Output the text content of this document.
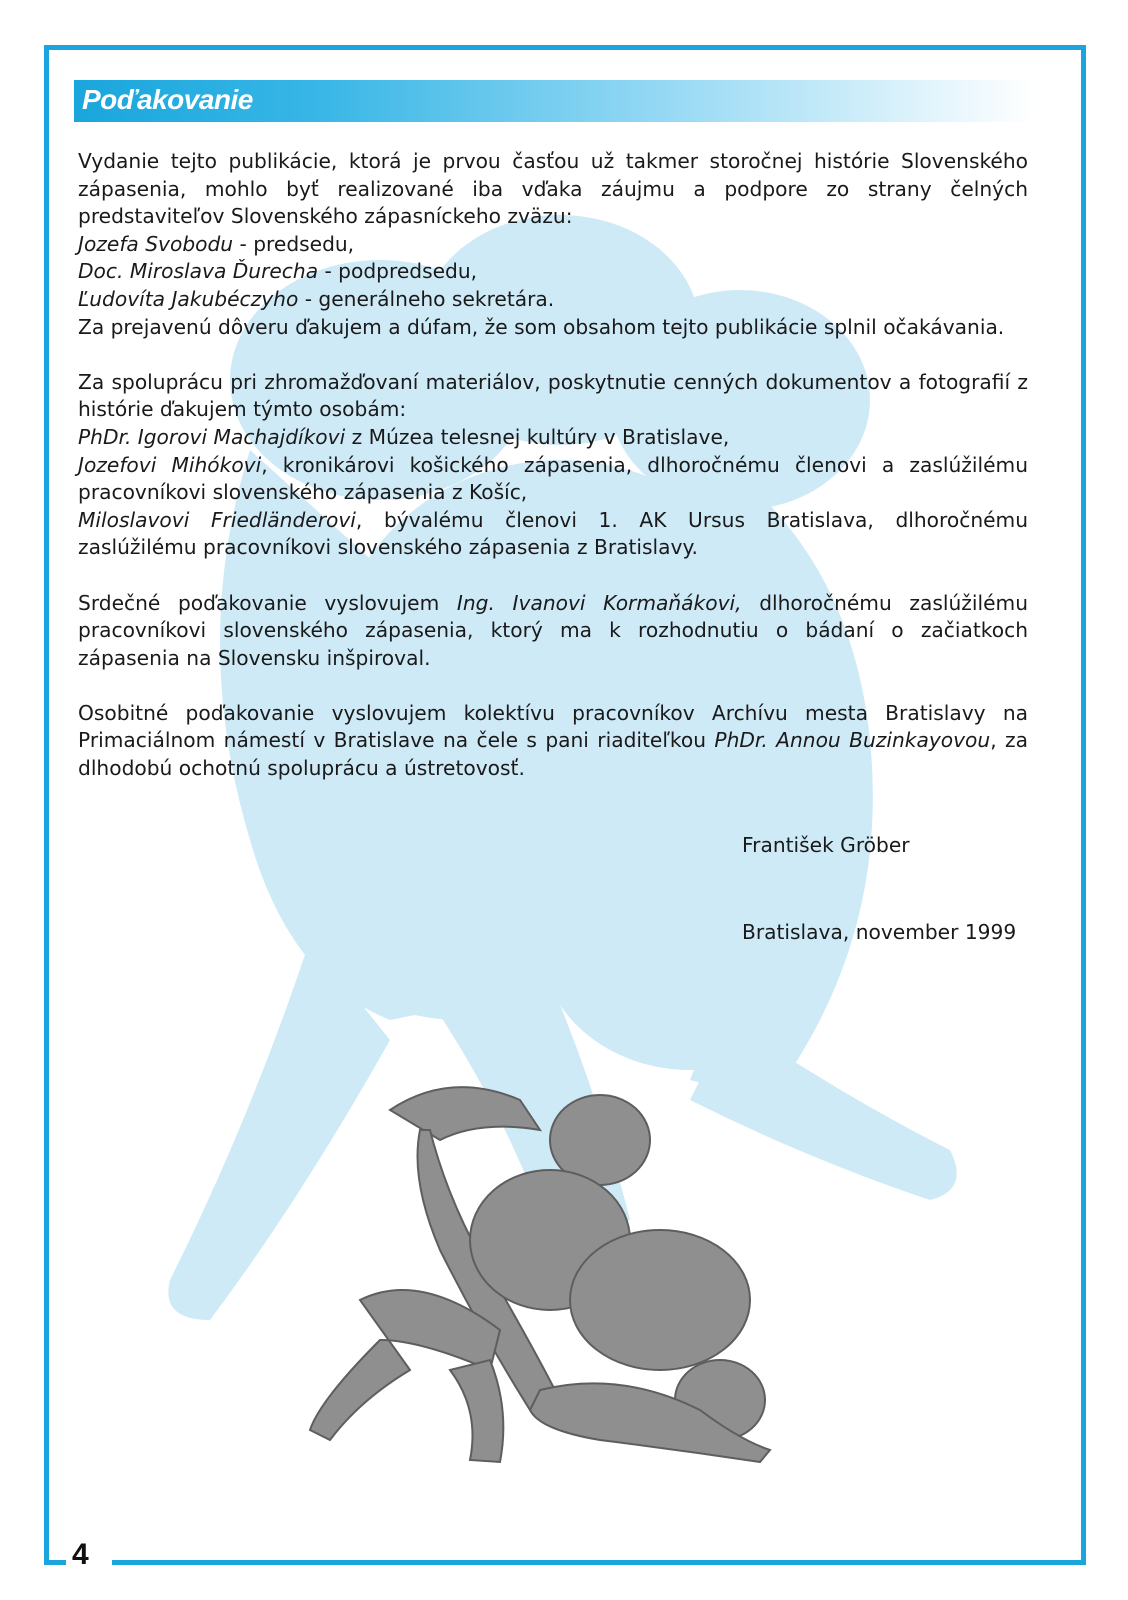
4
Poďakovanie

Vydanie tejto publikácie, ktorá je prvou časťou už takmer storočnej histórie Slovenského zápasenia, mohlo byť realizované iba vďaka záujmu a podpore zo strany čelných predstaviteľov Slovenského zápasníckeho zväzu:
Jozefa Svobodu - predsedu,
Doc. Miroslava Ďurecha - podpredsedu,
Ľudovíta Jakubéczyho - generálneho sekretára.
Za prejavenú dôveru ďakujem a dúfam, že som obsahom tejto publikácie splnil očakávania.

Za spoluprácu pri zhromažďovaní materiálov, poskytnutie cenných dokumentov a fotografií z histórie ďakujem týmto osobám:
PhDr. Igorovi Machajdíkovi z Múzea telesnej kultúry v Bratislave,
Jozefovi Mihókovi, kronikárovi košického zápasenia, dlhoročnému členovi a zaslúžilému pracovníkovi slovenského zápasenia z Košíc,
Miloslavovi Friedländerovi, bývalému členovi 1. AK Ursus Bratislava, dlhoročnému zaslúžilému pracovníkovi slovenského zápasenia z Bratislavy.

Srdečné poďakovanie vyslovujem Ing. Ivanovi Kormaňákovi, dlhoročnému zaslúžilému pracovníkovi slovenského zápasenia, ktorý ma k rozhodnutiu o bádaní o začiatkoch zápasenia na Slovensku inšpiroval.

Osobitné poďakovanie vyslovujem kolektívu pracovníkov Archívu mesta Bratislavy na Primaciálnom námestí v Bratislave na čele s pani riaditeľkou PhDr. Annou Buzinkayovou, za dlhodobú ochotnú spoluprácu a ústretovosť.

František Gröber
Bratislava, november 1999
